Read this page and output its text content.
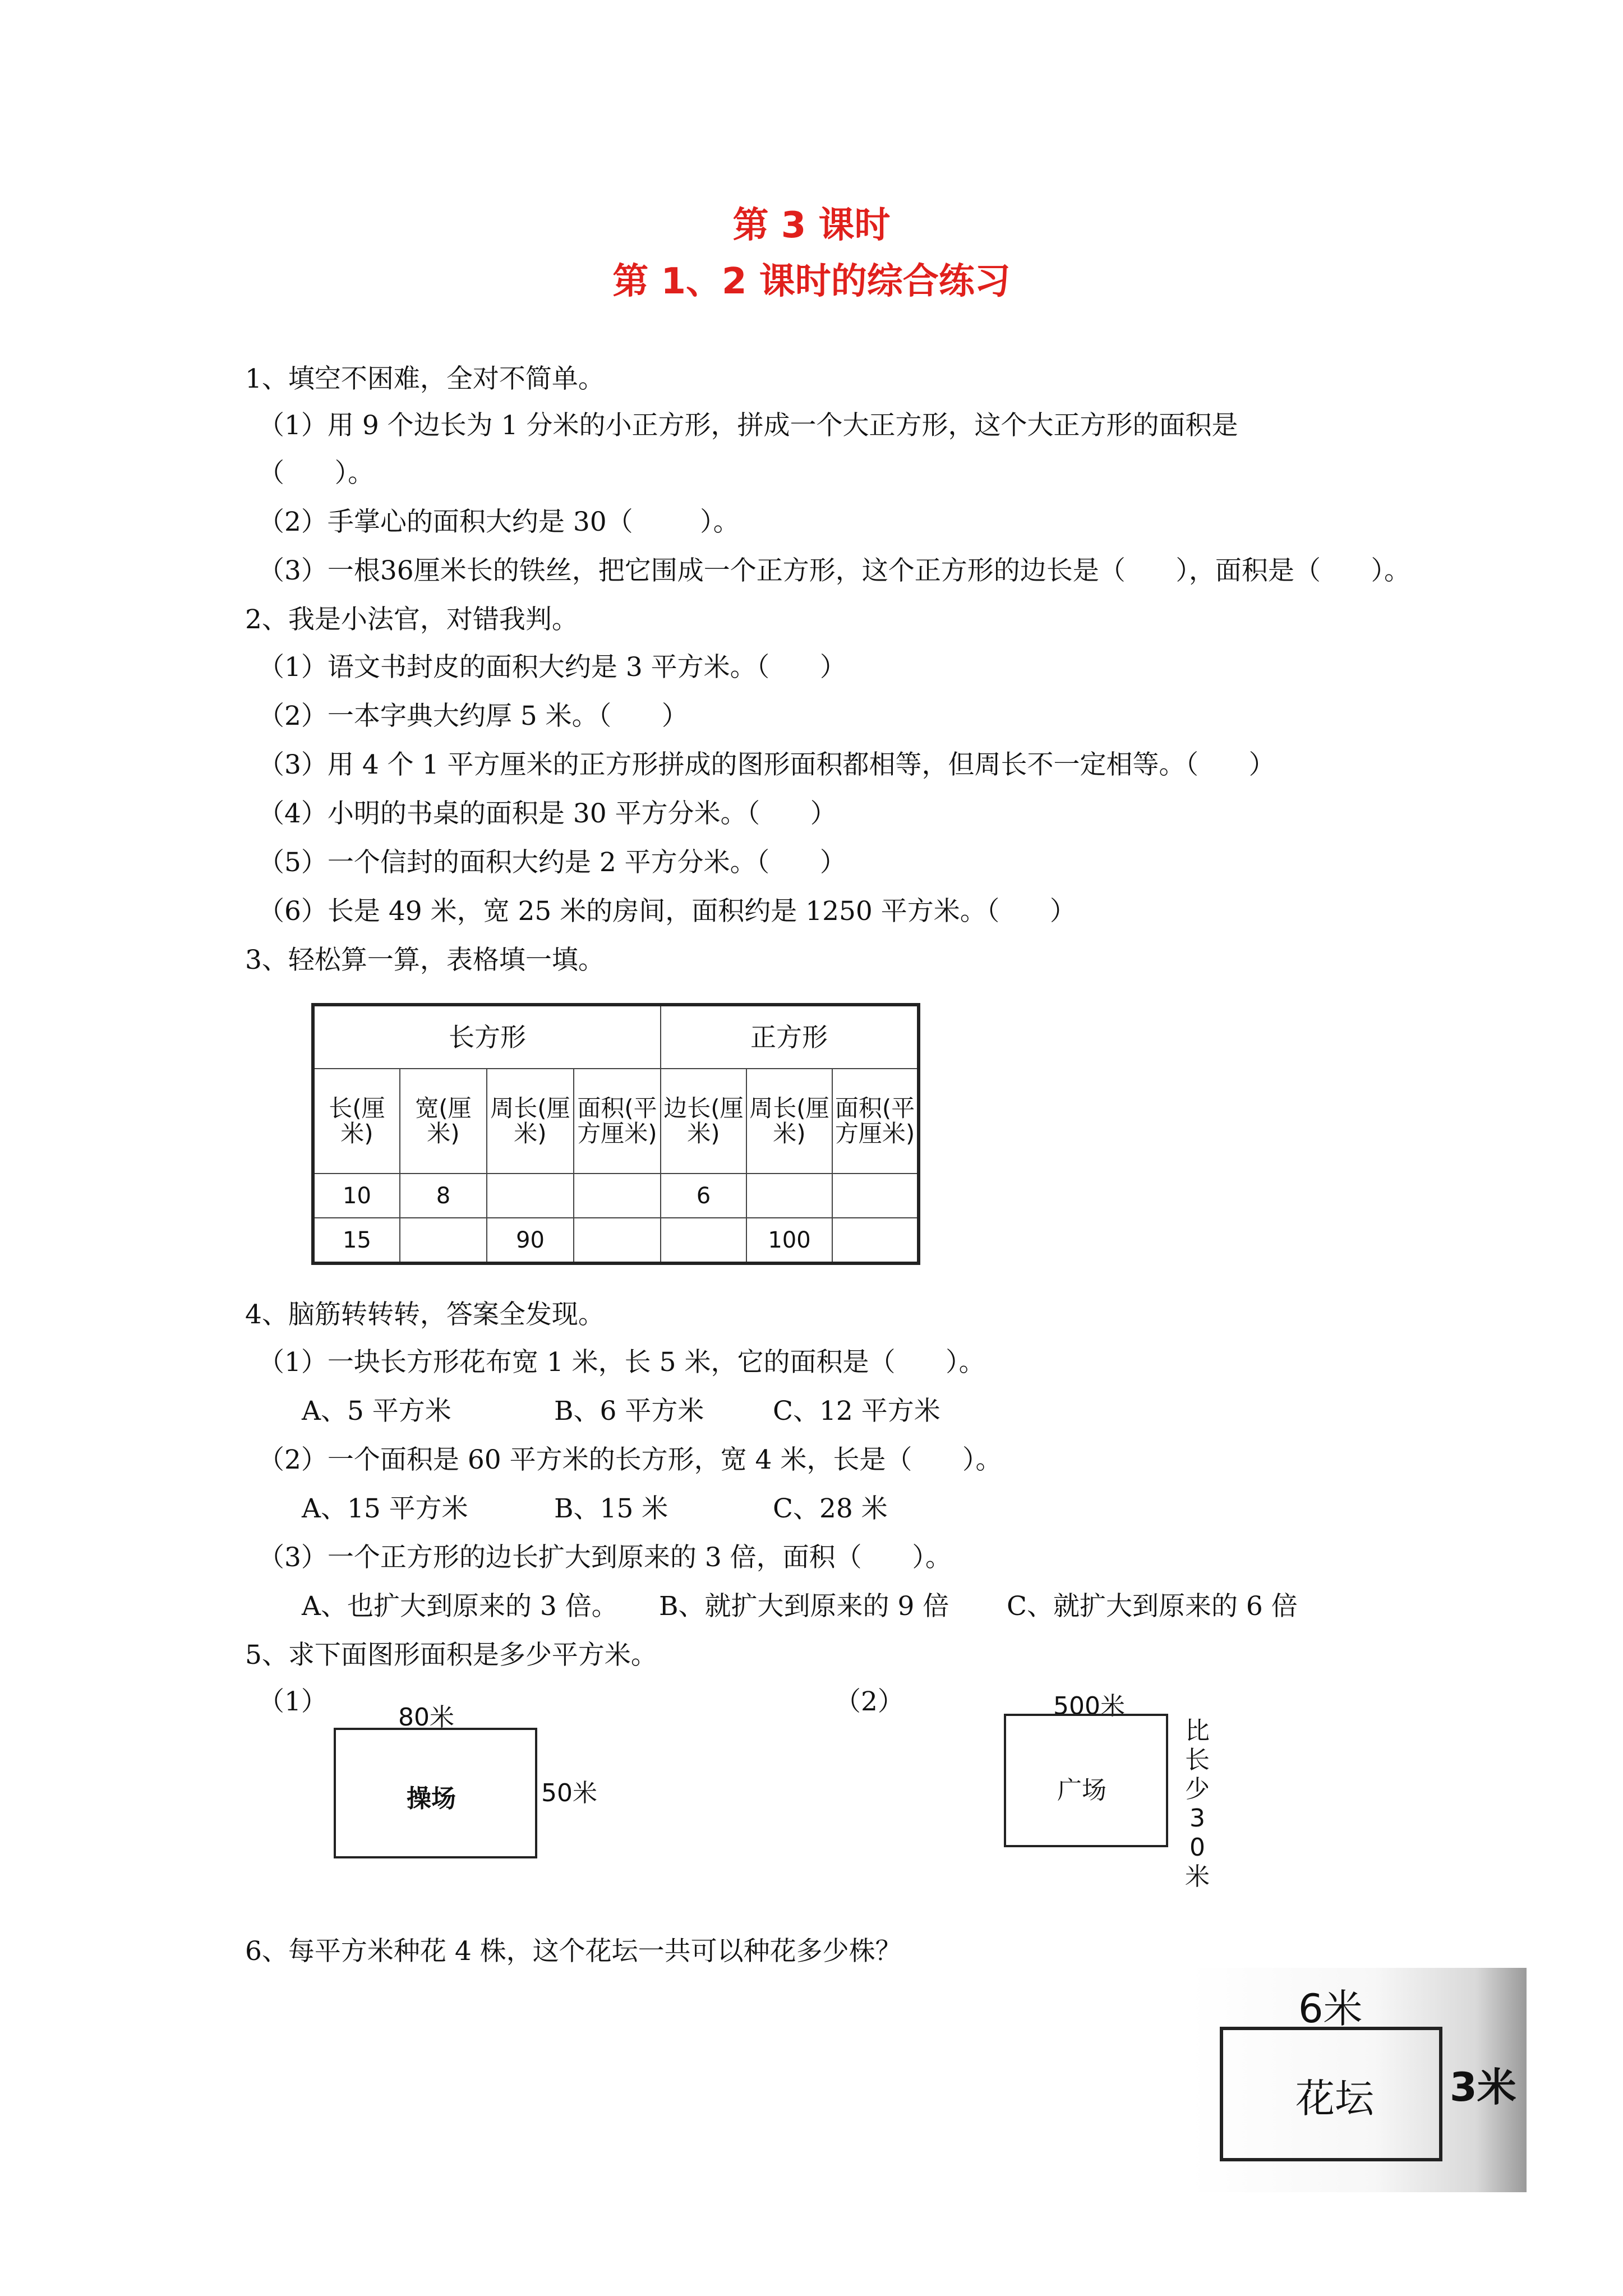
第 3 课时
第 1、2 课时的综合练习
1、填空不困难，全对不简单。
（1）用 9 个边长为 1 分米的小正方形，拼成一个大正方形，这个大正方形的面积是
（      ）。
（2）手掌心的面积大约是 30（        ）。
（3）一根36厘米长的铁丝，把它围成一个正方形，这个正方形的边长是（      ），面积是（      ）。
2、我是小法官，对错我判。
（1）语文书封皮的面积大约是 3 平方米。（      ）
（2）一本字典大约厚 5 米。（      ）
（3）用 4 个 1 平方厘米的正方形拼成的图形面积都相等，但周长不一定相等。（      ）
（4）小明的书桌的面积是 30 平方分米。（      ）
（5）一个信封的面积大约是 2 平方分米。（      ）
（6）长是 49 米，宽 25 米的房间，面积约是 1250 平方米。（      ）
3、轻松算一算，表格填一填。
长方形				正方形		
长(厘米)	宽(厘米)	周长(厘米)	面积(平方厘米)	边长(厘米)	周长(厘米)	面积(平方厘米)
10	8			6		
15		90			100	
4、脑筋转转转，答案全发现。
（1）一块长方形花布宽 1 米，长 5 米，它的面积是（      ）。
A、5 平方米	B、6 平方米	C、12 平方米
（2）一个面积是 60 平方米的长方形，宽 4 米，长是（      ）。
A、15 平方米	B、15 米	C、28 米
（3）一个正方形的边长扩大到原来的 3 倍，面积（      ）。
A、也扩大到原来的 3 倍。 B、就扩大到原来的 9 倍 C、就扩大到原来的 6 倍
5、求下面图形面积是多少平方米。
（1）
80米
操场	50米
（2）	500米
广场
比长少30米
6、每平方米种花 4 株，这个花坛一共可以种花多少株？
6米
花坛 3米
